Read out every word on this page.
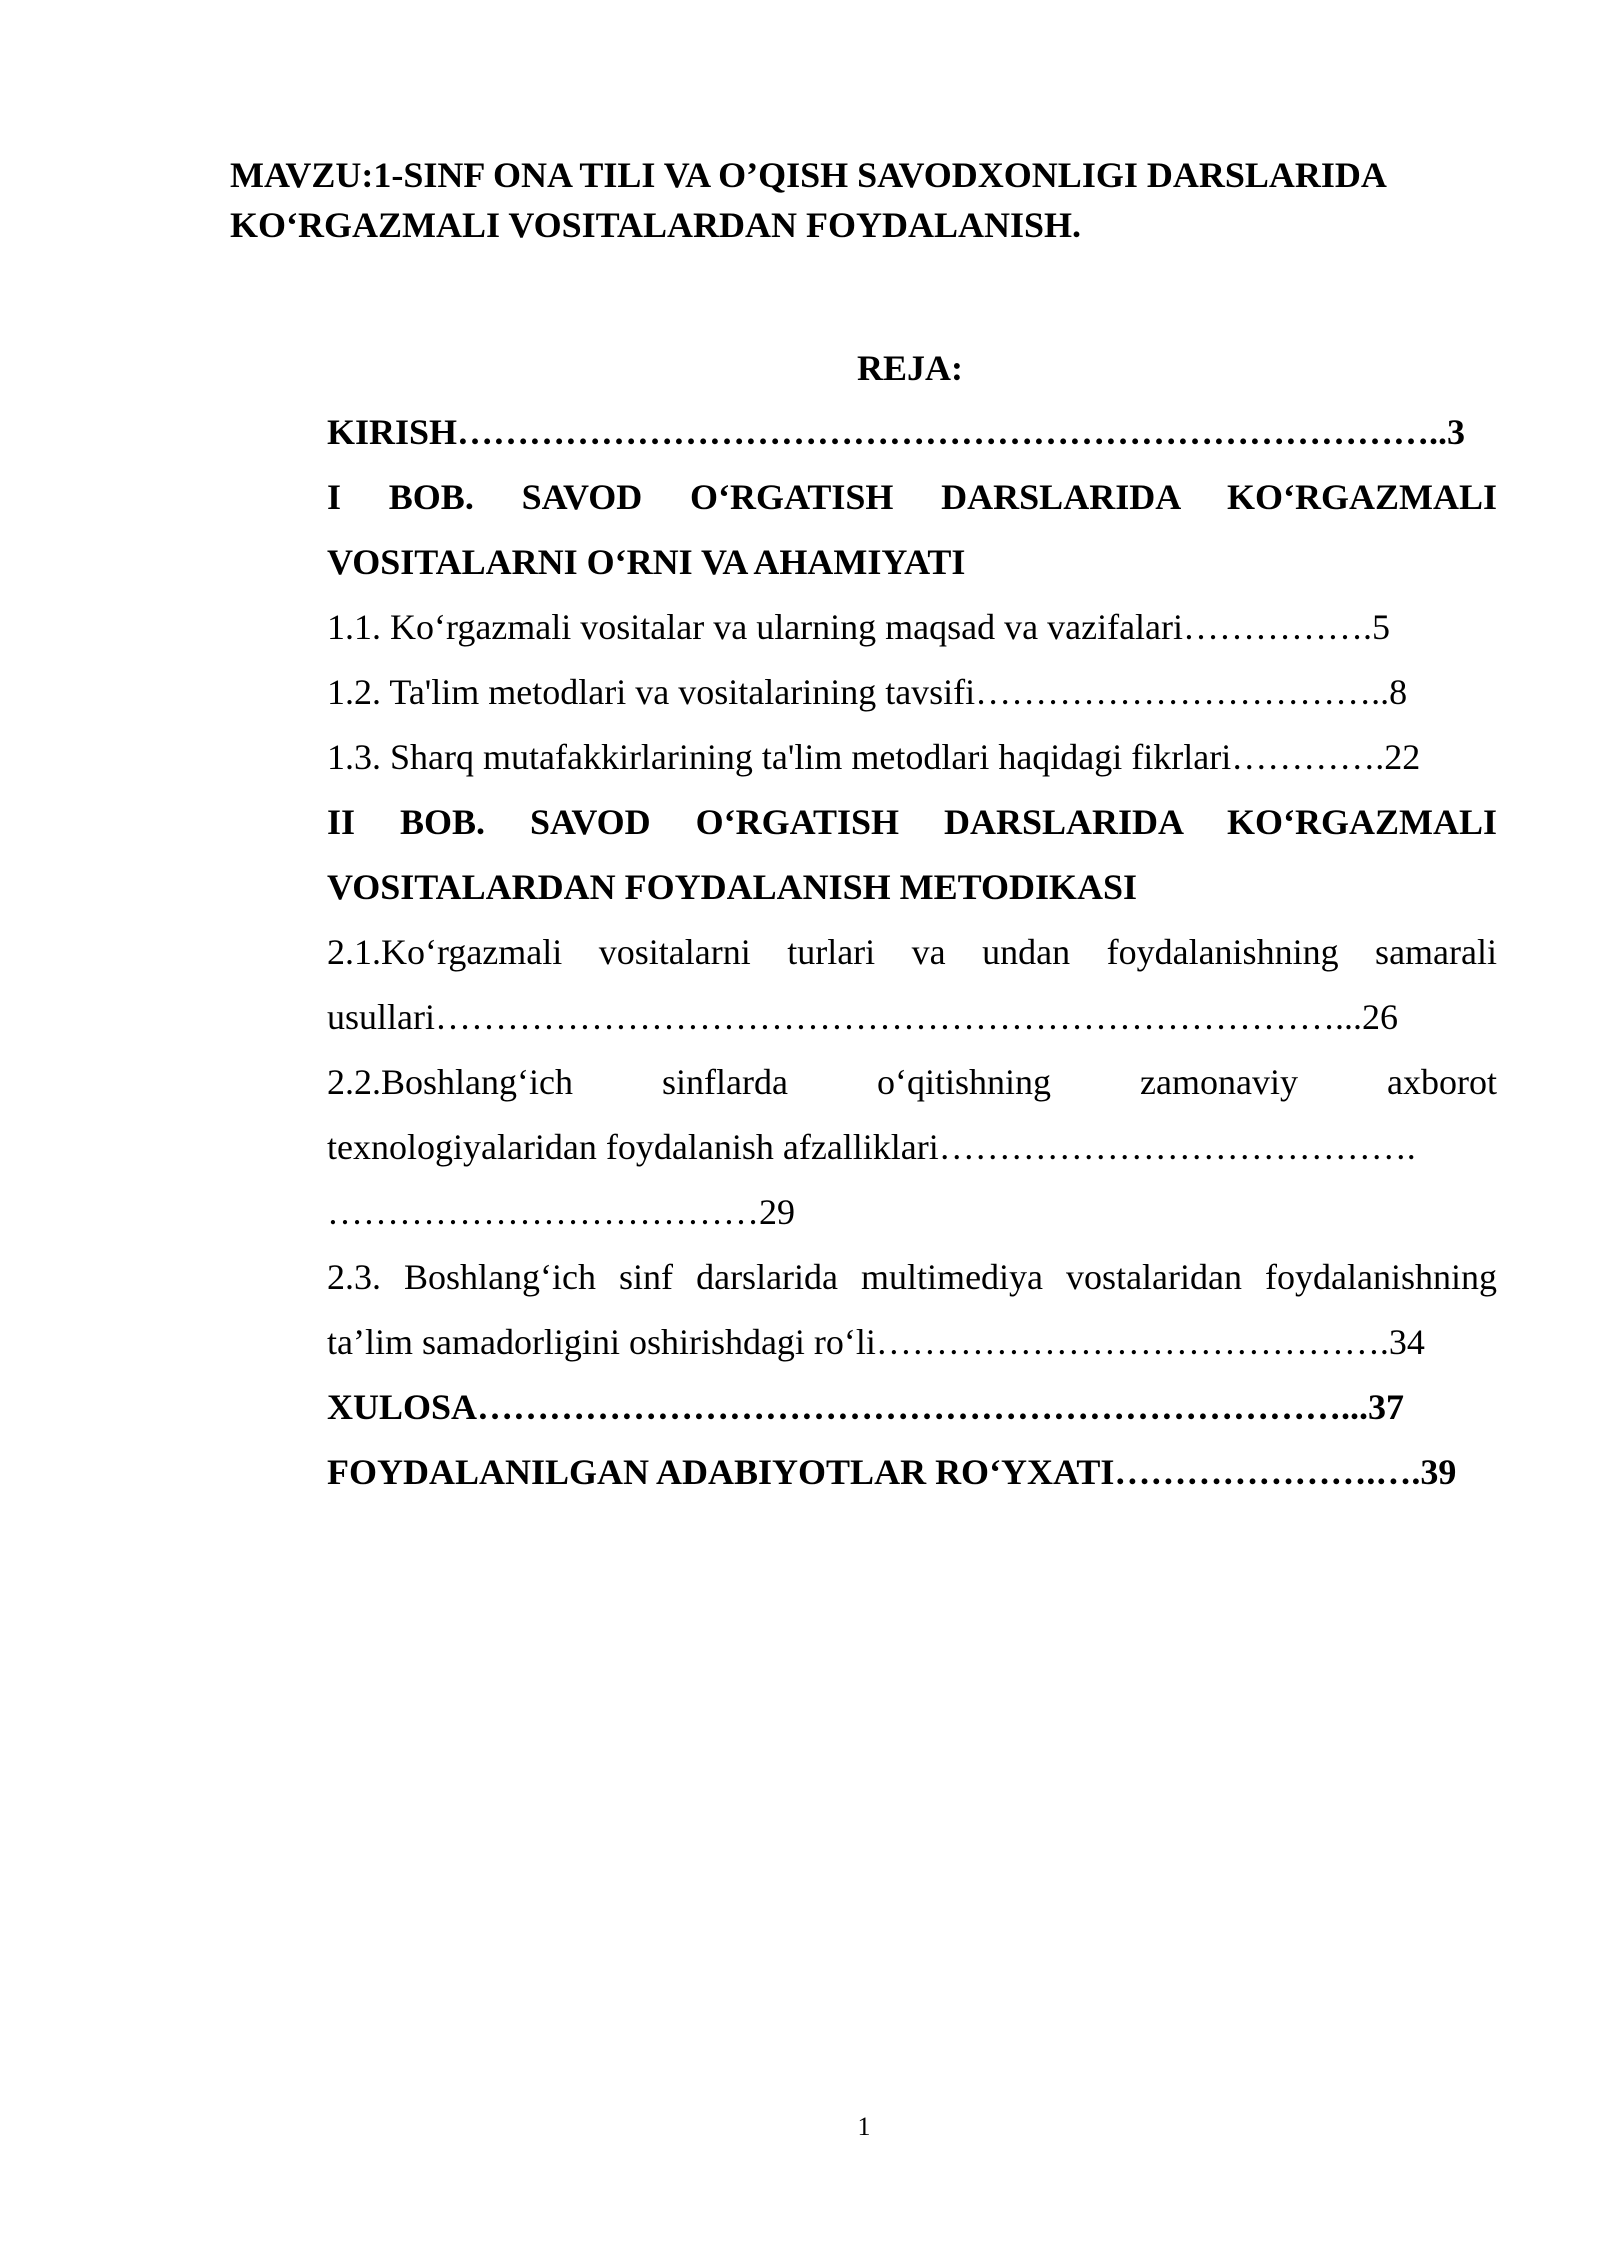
MAVZU:1-SINF ONA TILI VA O’QISH SAVODXONLIGI DARSLARIDA
KO‘RGAZMALI VOSITALARDAN FOYDALANISH.
REJA:
KIRISH………………………………………………………………………..3
I BOB. SAVOD O‘RGATISH DARSLARIDA KO‘RGAZMALI
VOSITALARNI O‘RNI VA AHAMIYATI
1.1. Ko‘rgazmali vositalar va ularning maqsad va vazifalari…………….5
1.2. Ta'lim metodlari va vositalarining tavsifi……………………………..8
1.3. Sharq mutafakkirlarining ta'lim metodlari haqidagi fikrlari………….22
II BOB. SAVOD O‘RGATISH DARSLARIDA KO‘RGAZMALI
VOSITALARDAN FOYDALANISH METODIKASI
2.1.Ko‘rgazmali vositalarni turlari va undan foydalanishning samarali
usullari…………………………………………………………………...26
2.2.Boshlang‘ich sinflarda o‘qitishning zamonaviy axborot
texnologiyalaridan foydalanish afzalliklari………………………………….
………………………………29
2.3. Boshlang‘ich sinf darslarida multimediya vostalaridan foydalanishning
ta’lim samadorligini oshirishdagi ro‘li…………………………………….34
XULOSA………………………………………………………………...37
FOYDALANILGAN ADABIYOTLAR RO‘YXATI………………….….39
1
